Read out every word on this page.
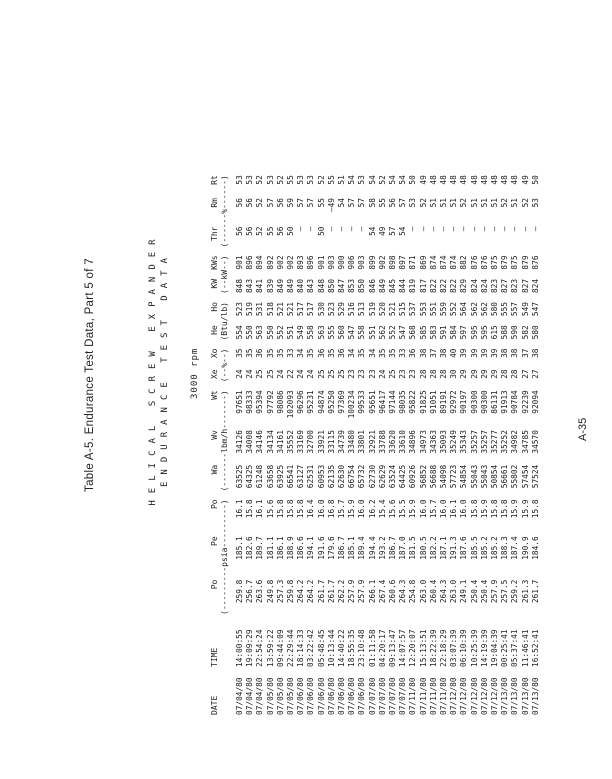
Table A-5. Endurance Test Data, Part 5 of 7	HELICAL SCREW EXPANDER ENDURANCE TEST DATA 3000 rpm
DATE	TIME	Po	Pe	Po	Wa	Wv	Wt	Xe	Xo	He	Ho	KW	KWs	Thr	Rm	Rt
		(---------psia---------)			(-------lbm/h-------)			(--%--)		(Btu/lb)		(--kW--)		(------%------)		
07/04/80	14:00:55	259.8	185.1	16.1	63525	34126	97651	24	35	554	523	848	901	56	56	53
07/04/80	19:09:29	256.7	182.6	15.8	64325	34008	98333	24	35	550	519	843	896	56	56	53
07/04/80	22:54:24	263.6	189.7	16.1	61248	34146	95394	25	36	563	531	841	894	52	52	52
07/05/80	13:59:22	249.8	181.1	15.6	63658	34134	97792	25	35	550	518	839	892	55	57	53
07/05/80	09:44:09	257.3	186.1	15.8	63925	34161	98086	24	35	552	521	849	902	56	56	52
07/05/80	22:29:44	259.8	188.9	15.8	66541	35552	102093	22	33	551	521	849	902	50	59	55
07/06/80	18:14:33	264.2	186.6	15.8	63127	33169	96296	24	34	549	517	840	893	—	57	53
07/06/80	03:22:42	264.2	194.1	16.4	62531	32700	95231	24	35	558	517	843	896	—	57	53
07/06/80	05:48:45	261.7	191.6	16.0	60953	33921	94874	25	36	563	530	848	901	50	55	52
07/06/80	10:13:44	261.7	179.6	16.8	62135	33115	95250	25	35	555	523	850	903	—	–49	55
07/06/80	14:40:22	262.2	186.7	15.7	62630	34739	97369	25	36	560	529	847	900	—	54	51
07/06/80	18:55:35	257.9	185.1	15.9	66754	33480	100234	23	34	547	516	853	906	—	57	54
07/06/80	23:10:48	257.9	189.4	16.0	65732	33801	99533	23	35	558	513	850	903	—	57	53
07/07/80	01:11:58	266.1	194.4	16.2	62730	32921	95651	23	34	551	519	846	899	54	58	54
07/07/80	04:20:17	267.4	193.2	15.4	62629	33788	96417	24	35	562	520	849	902	49	55	52
07/07/80	09:13:47	260.6	186.7	15.6	63524	33620	97144	25	35	552	521	845	898	57	56	54
07/07/80	14:07:57	264.3	187.0	15.5	64425	33610	98035	23	33	547	515	844	897	54	57	54
07/11/80	12:20:07	254.8	181.5	15.9	60926	34896	95822	23	36	568	537	819	871	—	53	50
07/11/80	15:13:51	263.0	180.5	16.0	56852	34973	91825	28	38	585	553	817	869	—	52	49
07/11/80	18:22:39	260.4	182.2	15.7	56688	34363	91051	28	37	583	551	822	874	—	51	48
07/11/80	22:18:29	264.3	187.1	16.0	54098	35093	89191	28	38	591	559	822	874	—	51	48
07/12/80	03:07:39	263.0	191.3	16.1	57723	35249	92972	30	40	584	552	822	874	—	51	48
07/12/80	06:10:39	249.1	187.6	16.0	54854	35343	90197	29	39	597	564	829	882	—	52	48
07/12/80	10:25:39	250.4	185.5	15.8	55043	35257	90300	29	39	595	562	824	876	—	51	48
07/12/80	14:19:39	250.4	185.2	15.9	55043	35257	90300	29	39	595	562	824	876	—	51	48
07/12/80	19:04:39	257.9	185.2	15.8	50854	35277	86131	29	39	615	580	823	875	—	51	48
07/13/80	00:25:41	257.5	188.3	15.8	56661	35252	91913	28	38	588	555	827	879	—	52	48
07/13/80	05:37:41	259.2	187.4	15.9	55802	34982	90784	28	38	590	557	823	875	—	51	48
07/13/80	11:46:41	261.3	190.9	15.9	57454	34785	92239	27	37	582	549	827	879	—	52	49
07/13/80	16:52:41	261.7	184.6	15.8	57524	34570	92094	27	38	580	547	824	876	—	53	50
A-35
